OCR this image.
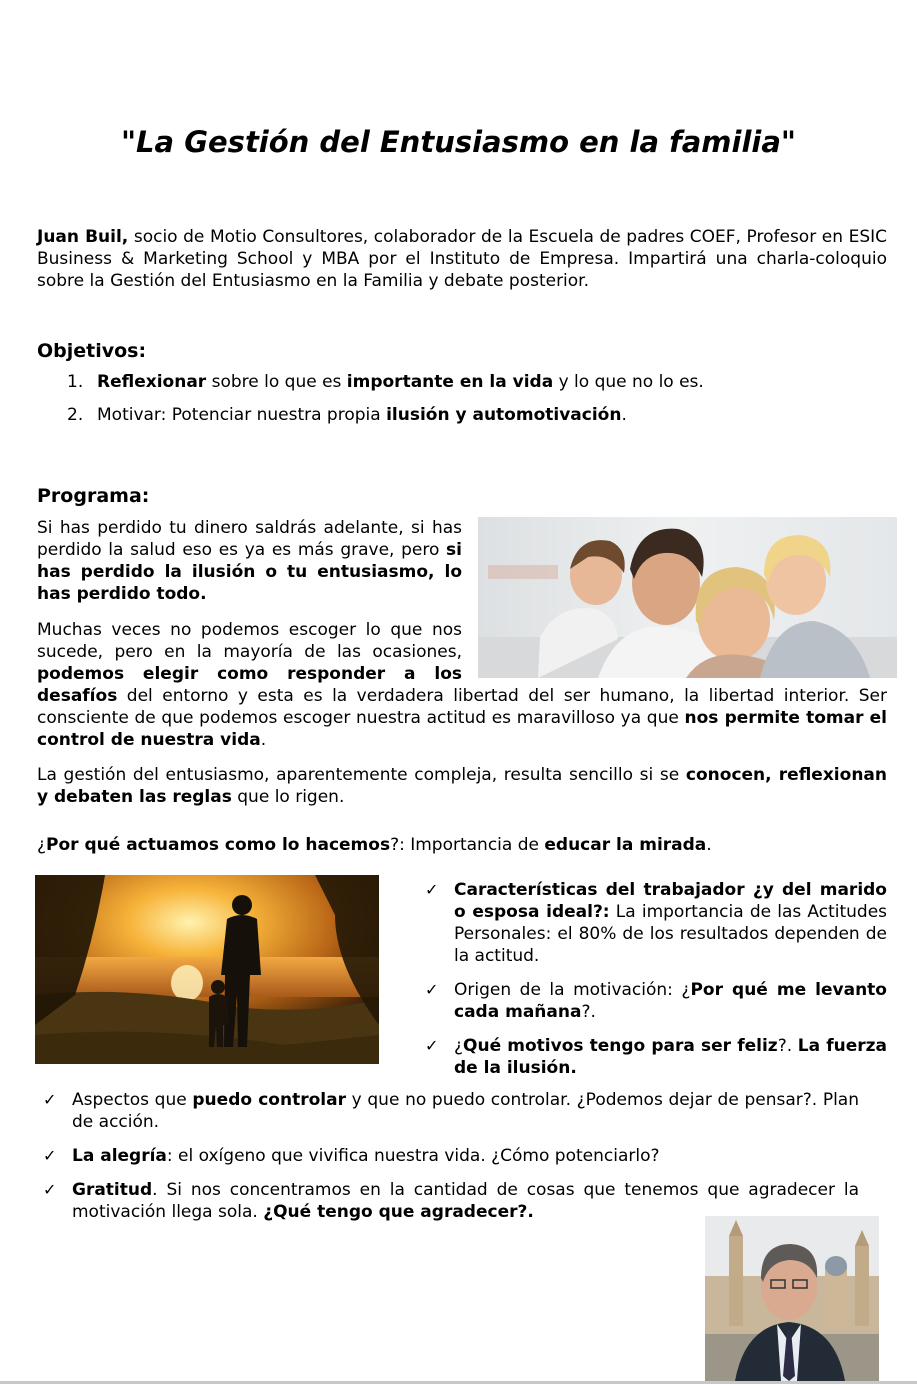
"La Gestión del Entusiasmo en la familia"
Juan Buil, socio de Motio Consultores, colaborador de la Escuela de padres COEF, Profesor en ESIC Business & Marketing School y MBA por el Instituto de Empresa. Impartirá una charla-coloquio sobre la Gestión del Entusiasmo en la Familia y debate posterior.
Objetivos:
1. Reflexionar sobre lo que es importante en la vida y lo que no lo es.
2. Motivar: Potenciar nuestra propia ilusión y automotivación.
Programa:

Si has perdido tu dinero saldrás adelante, si has perdido la salud eso es ya es más grave, pero si has perdido la ilusión o tu entusiasmo, lo has perdido todo.

Muchas veces no podemos escoger lo que nos sucede, pero en la mayoría de las ocasiones, podemos elegir como responder a los desafíos del entorno y esta es la verdadera libertad del ser humano, la libertad interior. Ser consciente de que podemos escoger nuestra actitud es maravilloso ya que nos permite tomar el control de nuestra vida.

La gestión del entusiasmo, aparentemente compleja, resulta sencillo si se conocen, reflexionan y debaten las reglas que lo rigen.

¿Por qué actuamos como lo hacemos?: Importancia de educar la mirada.
✓ Características del trabajador ¿y del marido o esposa ideal?: La importancia de las Actitudes Personales: el 80% de los resultados dependen de la actitud.
✓ Origen de la motivación: ¿Por qué me levanto cada mañana?.
✓ ¿Qué motivos tengo para ser feliz?. La fuerza de la ilusión.
✓ Aspectos que puedo controlar y que no puedo controlar. ¿Podemos dejar de pensar?. Plan de acción.
✓ La alegría: el oxígeno que vivifica nuestra vida. ¿Cómo potenciarlo?
✓ Gratitud. Si nos concentramos en la cantidad de cosas que tenemos que agradecer la motivación llega sola. ¿Qué tengo que agradecer?.
